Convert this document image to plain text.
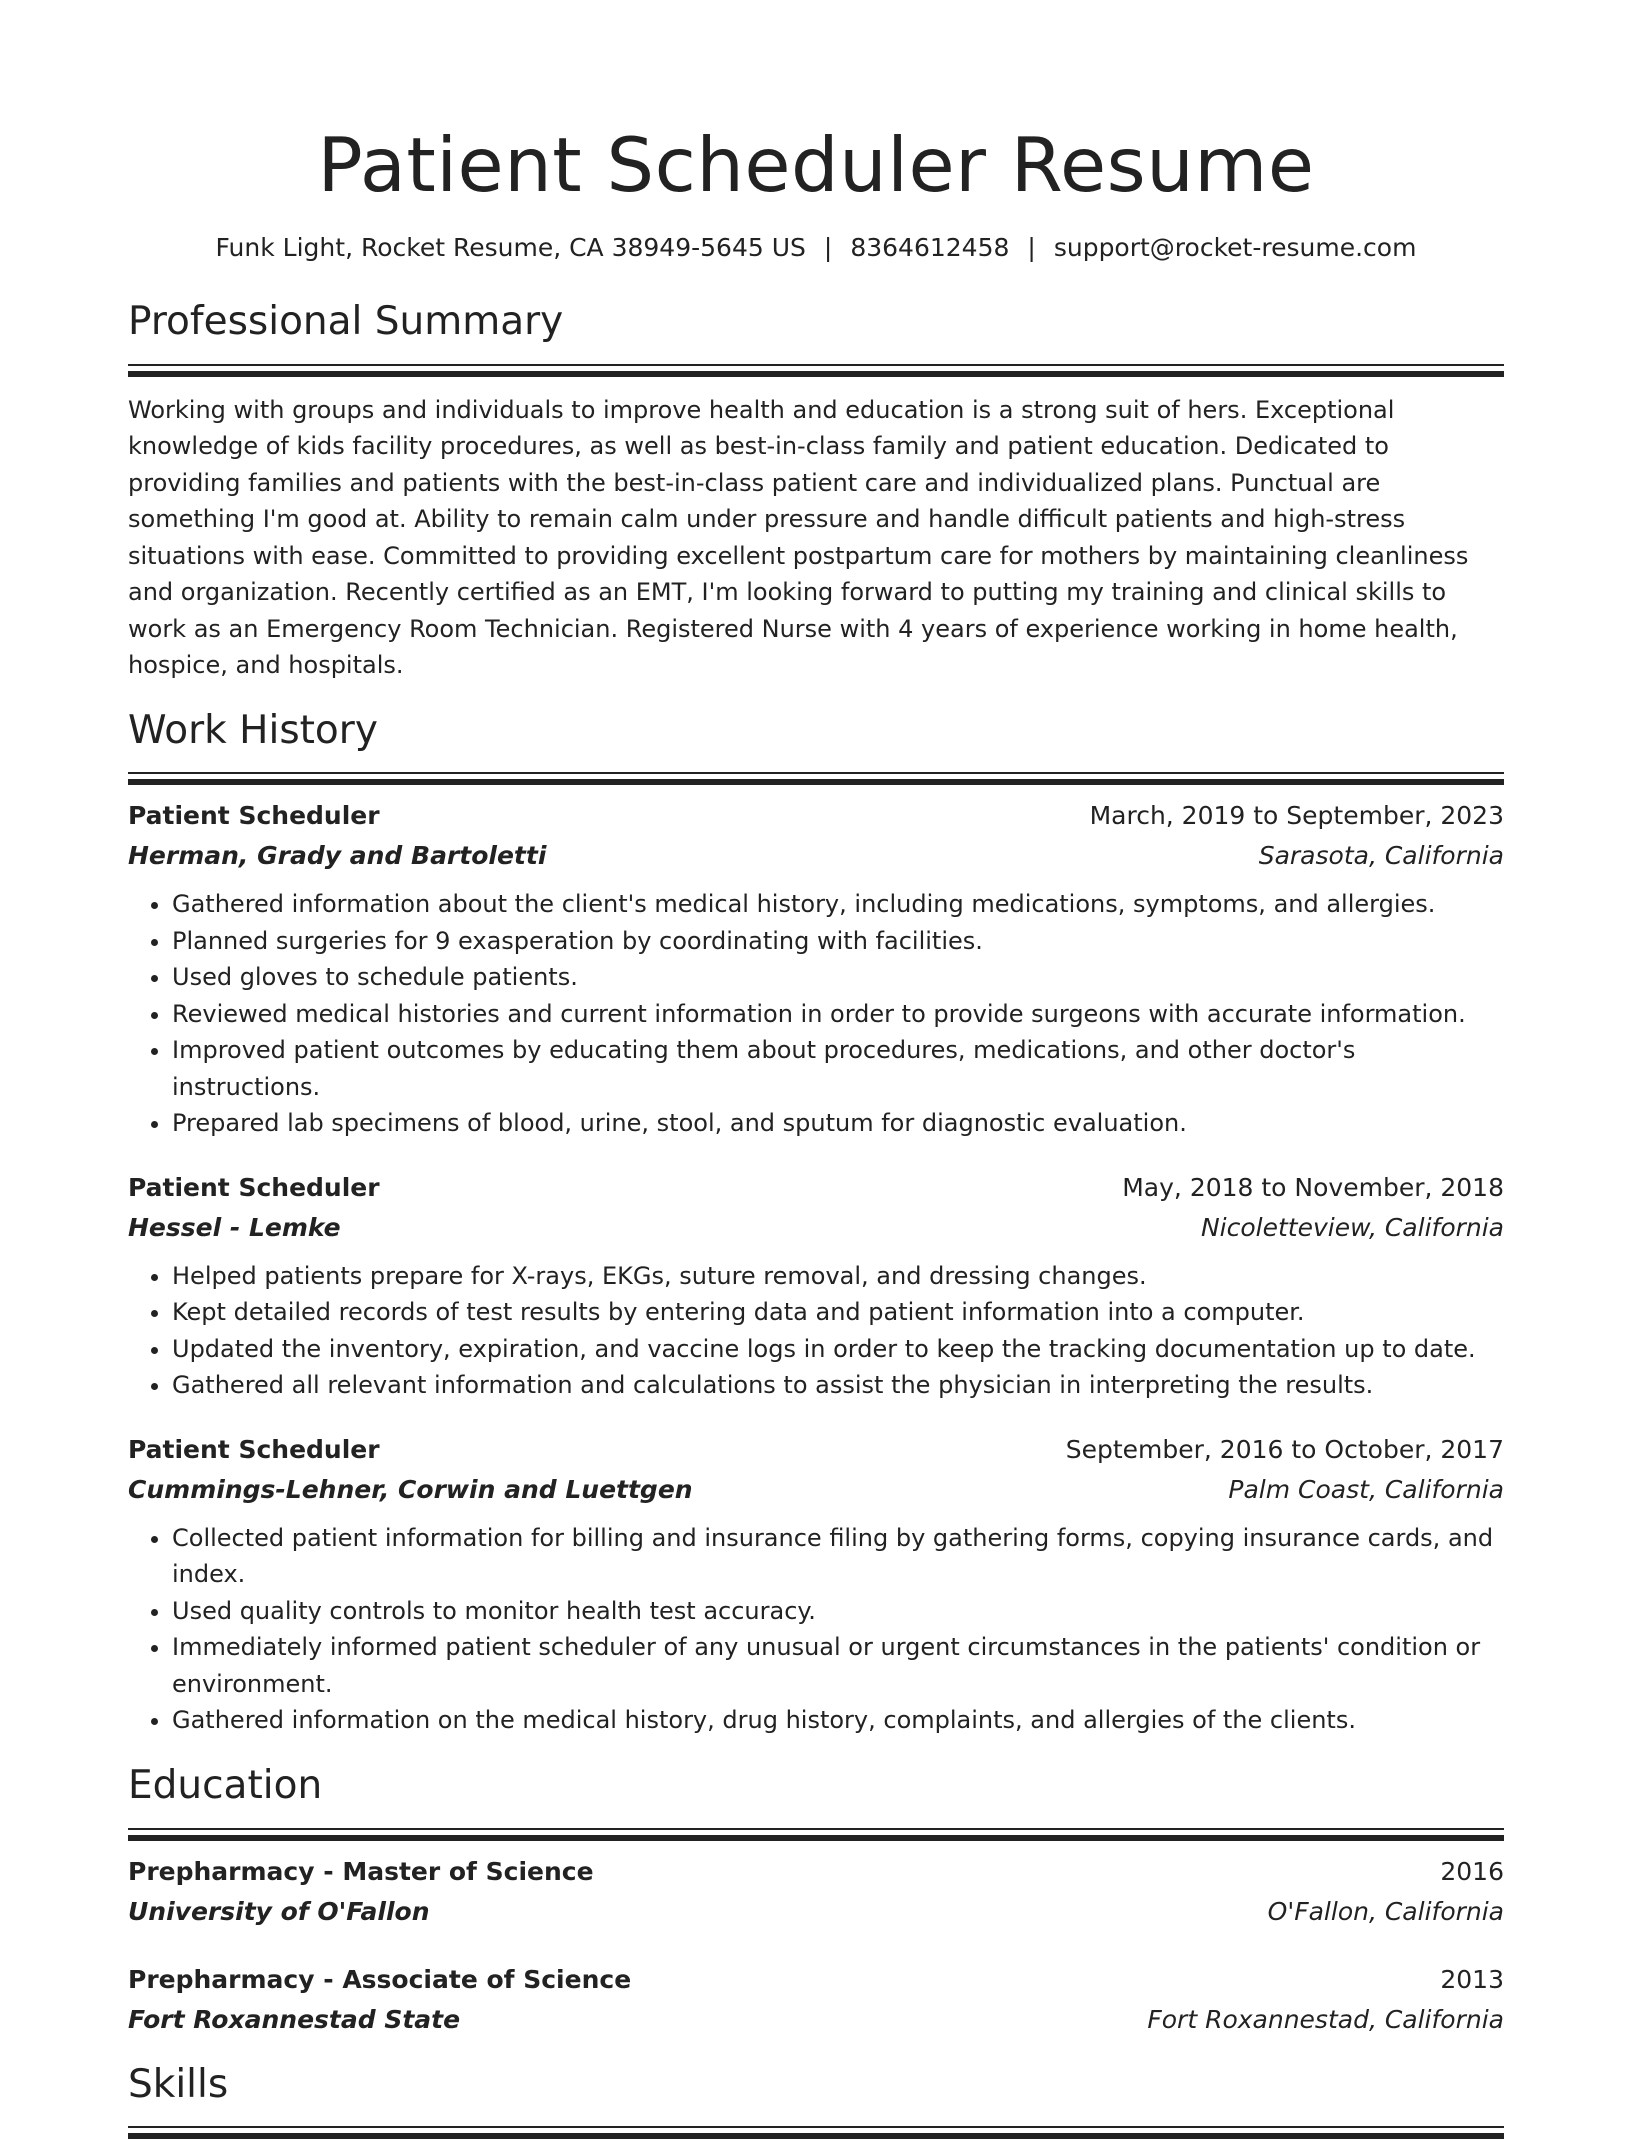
Patient Scheduler Resume
Funk Light, Rocket Resume, CA 38949-5645 US | 8364612458 | support@rocket-resume.com
Professional Summary
Working with groups and individuals to improve health and education is a strong suit of hers. Exceptional knowledge of kids facility procedures, as well as best-in-class family and patient education. Dedicated to providing families and patients with the best-in-class patient care and individualized plans. Punctual are something I'm good at. Ability to remain calm under pressure and handle difficult patients and high-stress situations with ease. Committed to providing excellent postpartum care for mothers by maintaining cleanliness and organization. Recently certified as an EMT, I'm looking forward to putting my training and clinical skills to work as an Emergency Room Technician. Registered Nurse with 4 years of experience working in home health, hospice, and hospitals.
Work History
Patient Scheduler	March, 2019 to September, 2023
Herman, Grady and Bartoletti	Sarasota, California
• Gathered information about the client's medical history, including medications, symptoms, and allergies.
• Planned surgeries for 9 exasperation by coordinating with facilities.
• Used gloves to schedule patients.
• Reviewed medical histories and current information in order to provide surgeons with accurate information.
• Improved patient outcomes by educating them about procedures, medications, and other doctor's instructions.
• Prepared lab specimens of blood, urine, stool, and sputum for diagnostic evaluation.
Patient Scheduler	May, 2018 to November, 2018
Hessel - Lemke	Nicoletteview, California
• Helped patients prepare for X-rays, EKGs, suture removal, and dressing changes.
• Kept detailed records of test results by entering data and patient information into a computer.
• Updated the inventory, expiration, and vaccine logs in order to keep the tracking documentation up to date.
• Gathered all relevant information and calculations to assist the physician in interpreting the results.
Patient Scheduler	September, 2016 to October, 2017
Cummings-Lehner, Corwin and Luettgen	Palm Coast, California
• Collected patient information for billing and insurance filing by gathering forms, copying insurance cards, and index.
• Used quality controls to monitor health test accuracy.
• Immediately informed patient scheduler of any unusual or urgent circumstances in the patients' condition or environment.
• Gathered information on the medical history, drug history, complaints, and allergies of the clients.
Education
Prepharmacy - Master of Science	2016
University of O'Fallon	O'Fallon, California
Prepharmacy - Associate of Science	2013
Fort Roxannestad State	Fort Roxannestad, California
Skills
